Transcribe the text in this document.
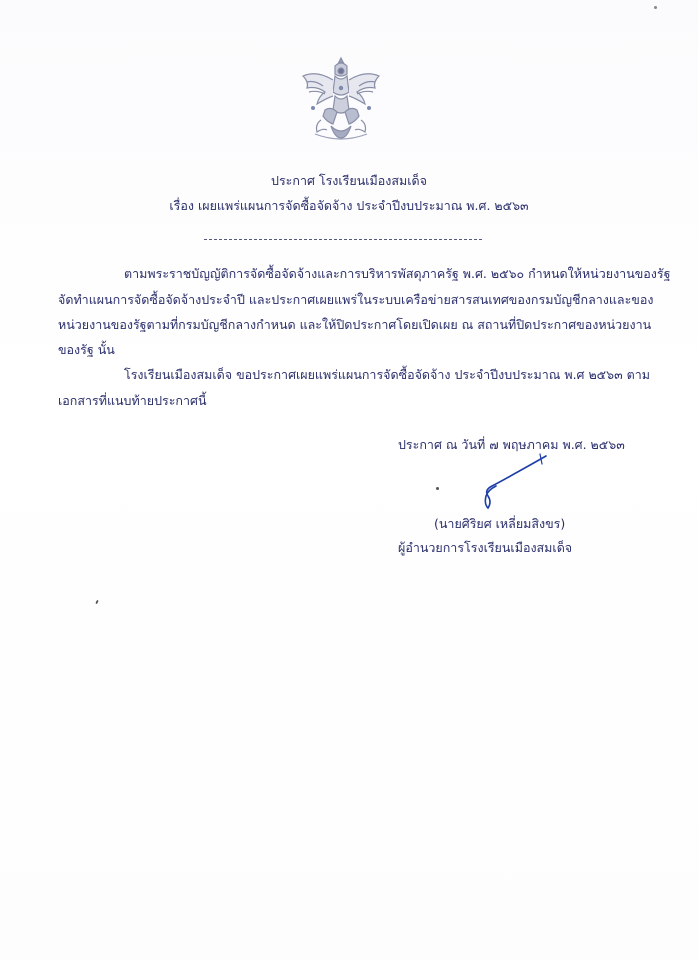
ประกาศ โรงเรียนเมืองสมเด็จ
เรื่อง เผยแพร่แผนการจัดซื้อจัดจ้าง ประจำปีงบประมาณ พ.ศ. ๒๕๖๓
ตามพระราชบัญญัติการจัดซื้อจัดจ้างและการบริหารพัสดุภาครัฐ พ.ศ. ๒๕๖๐ กำหนดให้หน่วยงานของรัฐ
จัดทำแผนการจัดซื้อจัดจ้างประจำปี และประกาศเผยแพร่ในระบบเครือข่ายสารสนเทศของกรมบัญชีกลางและของ
หน่วยงานของรัฐตามที่กรมบัญชีกลางกำหนด และให้ปิดประกาศโดยเปิดเผย ณ สถานที่ปิดประกาศของหน่วยงาน
ของรัฐ นั้น
โรงเรียนเมืองสมเด็จ ขอประกาศเผยแพร่แผนการจัดซื้อจัดจ้าง ประจำปีงบประมาณ พ.ศ ๒๕๖๓ ตาม
เอกสารที่แนบท้ายประกาศนี้
ประกาศ ณ วันที่ ๗ พฤษภาคม พ.ศ. ๒๕๖๓
(นายศิริยศ เหลี่ยมสิงขร)
ผู้อำนวยการโรงเรียนเมืองสมเด็จ
